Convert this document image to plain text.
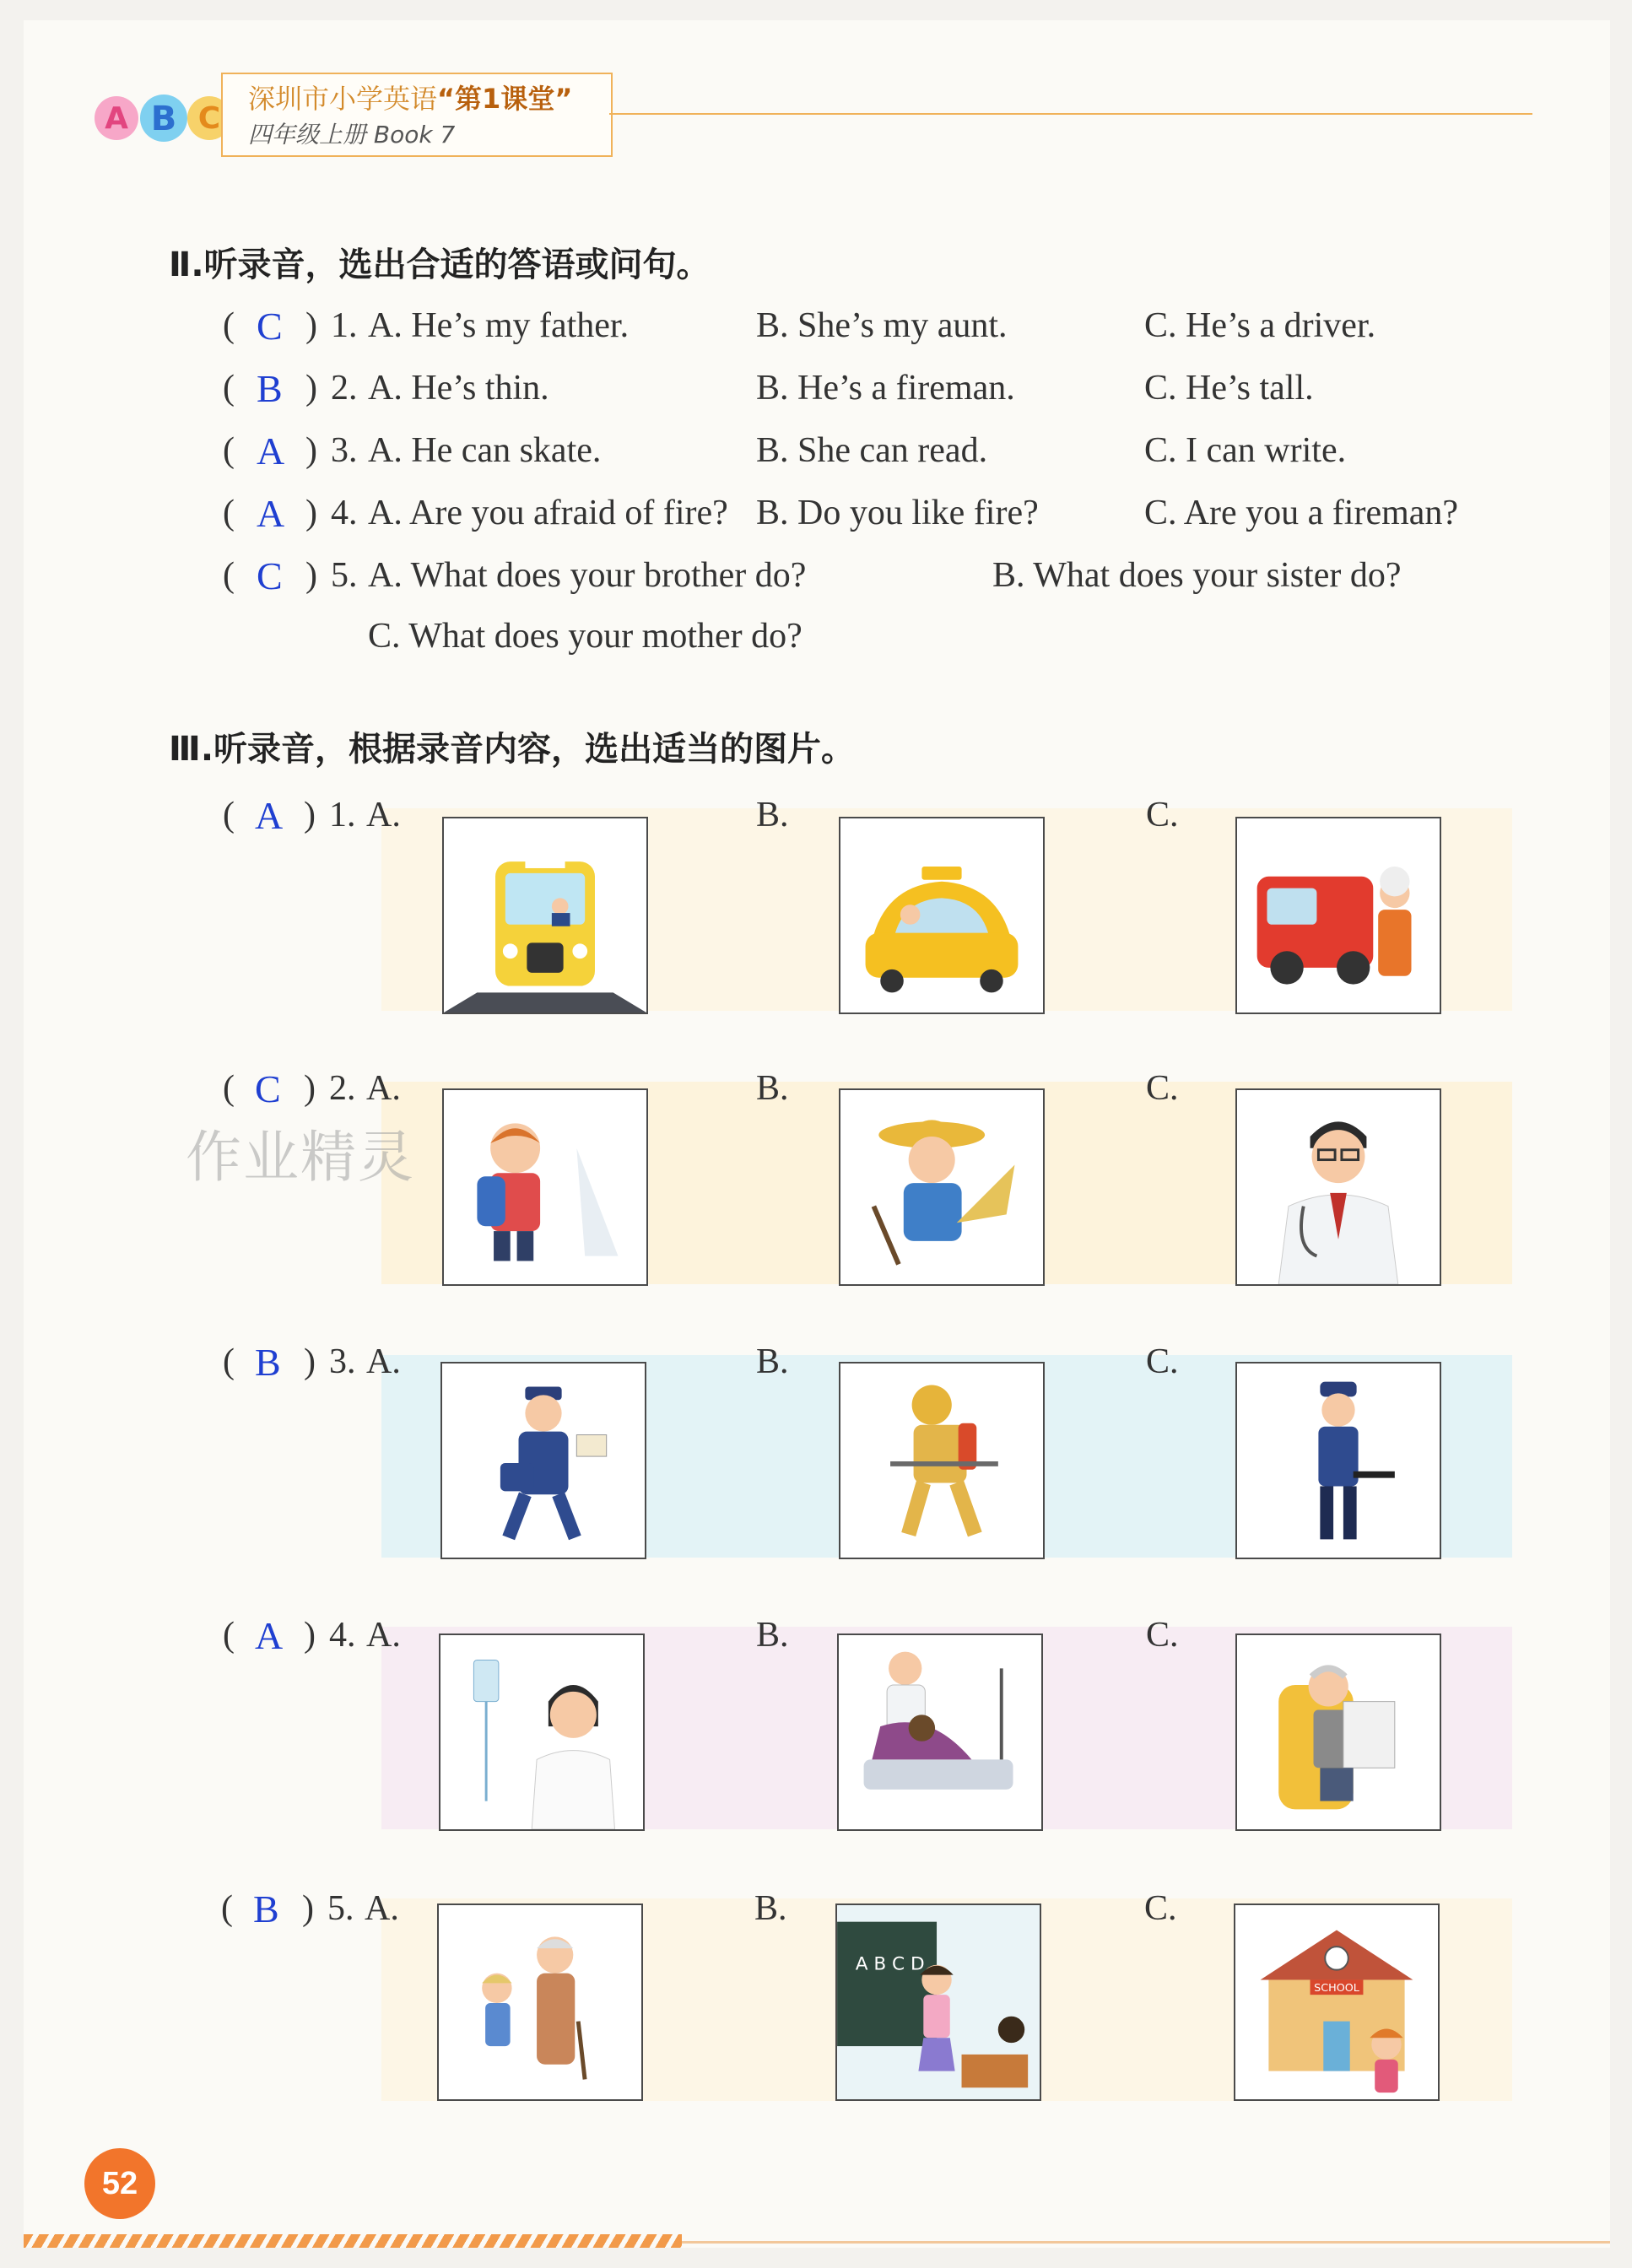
A B C
深圳市小学英语“第1课堂”
四年级上册 Book 7
Ⅱ.听录音，选出合适的答语或问句。
( C ) 1. A. He’s my father.	B. She’s my aunt.	C. He’s a driver.
( B ) 2. A. He’s thin.	B. He’s a fireman.	C. He’s tall.
( A ) 3. A. He can skate.	B. She can read.	C. I can write.
( A ) 4. A. Are you afraid of fire? B. Do you like fire?	C. Are you a fireman?
( C ) 5. A. What does your brother do?	B. What does your sister do?
C. What does your mother do?
Ⅲ.听录音，根据录音内容，选出适当的图片。
( A ) 1. A.	B.	C.
( C ) 2. A.	B.	C.
( B ) 3. A.	B.	C.
( A ) 4. A.	B.	C.
( B ) 5. A.	B.	C.
A B C D
SCHOOL
作业精灵
52
